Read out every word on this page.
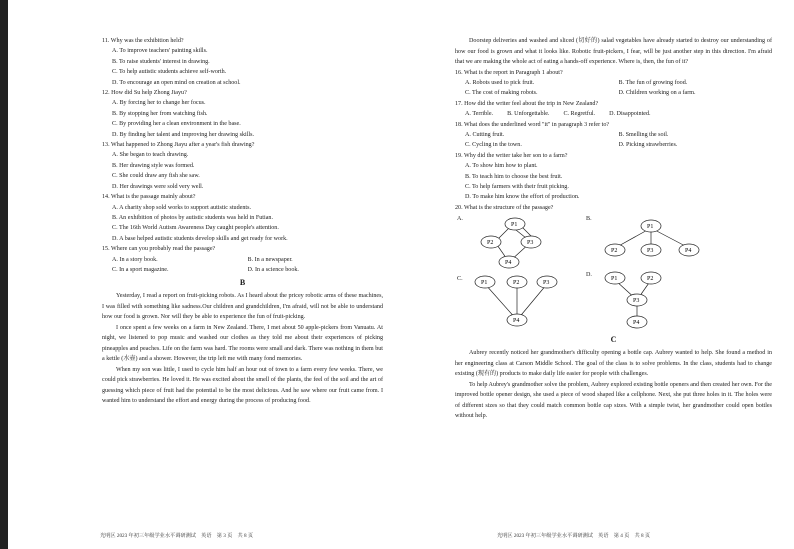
11. Why was the exhibition held?
A. To improve teachers' painting skills.
B. To raise students' interest in drawing.
C. To help autistic students achieve self-worth.
D. To encourage an open mind on creation at school.
12. How did Su help Zhong Jiayu?
A. By forcing her to change her focus.
B. By stopping her from watching fish.
C. By providing her a clean environment in the base.
D. By finding her talent and improving her drawing skills.
13. What happened to Zhong Jiayu after a year's fish drawing?
A. She began to teach drawing.
B. Her drawing style was formed.
C. She could draw any fish she saw.
D. Her drawings were sold very well.
14. What is the passage mainly about?
A. A charity shop sold works to support autistic students.
B. An exhibition of photos by autistic students was held in Futian.
C. The 16th World Autism Awareness Day caught people's attention.
D. A base helped autistic students develop skills and get ready for work.
15. Where can you probably read the passage?
A. In a story book.	B. In a newspaper.
C. In a sport magazine.	D. In a science book.
B

Yesterday, I read a report on fruit-picking robots. As I heard about the pricey robotic arms of these machines, I was filled with something like sadness.Our children and grandchildren, I'm afraid, will not be able to understand how our food is grown. Nor will they be able to experience the fun of fruit-picking.

I once spent a few weeks on a farm in New Zealand. There, I met about 50 apple-pickers from Vanuatu. At night, we listened to pop music and washed our clothes as they told me about their experiences of picking pineapples and peaches. Life on the farm was hard. The rooms were small and dark. There was nothing in them but a kettle (水壶) and a shower. However, the trip left me with many fond memories.

When my son was little, I used to cycle him half an hour out of town to a farm every few weeks. There, we could pick strawberries. He loved it. He was excited about the smell of the plants, the feel of the soil and the art of guessing which piece of fruit had the potential to be the most delicious. And he saw where our fruit came from. I wanted him to understand the effort and energy during the process of producing food.

光明区 2023 年初三年级学业水平调研测试　英语　第 3 页　共 8 页

Doorstep deliveries and washed and sliced (切好的) salad vegetables have already started to destroy our understanding of how our food is grown and what it looks like. Robotic fruit-pickers, I fear, will be just another step in this direction. I'm afraid that we are making the whole act of eating a hands-off experience. Where is, then, the fun of it?

16. What is the report in Paragraph 1 about?
A. Robots used to pick fruit.	B. The fun of growing food.
C. The cost of making robots.	D. Children working on a farm.
17. How did the writer feel about the trip in New Zealand?
A. Terrible. B. Unforgettable. C. Regretful. D. Disappointed.
18. What does the underlined word "it" in paragraph 3 refer to?
A. Cutting fruit.	B. Smelling the soil.
C. Cycling in the town.	D. Picking strawberries.
19. Why did the writer take her son to a farm?
A. To show him how to plant.
B. To teach him to choose the best fruit.
C. To help farmers with their fruit picking.
D. To make him know the effort of production.
20. What is the structure of the passage?
A.
P1
P2	P3
P4
B.
P1
P2	P3	P4
C.
P1	P2	P3
P4
D.
P1	P2
P3
P4
C

Aubrey recently noticed her grandmother's difficulty opening a bottle cap. Aubrey wanted to help. She found a method in her engineering class at Carson Middle School. The goal of the class is to solve problems. In the class, students had to change existing (现有的) products to make daily life easier for people with challenges.

To help Aubrey's grandmother solve the problem, Aubrey explored existing bottle openers and then created her own. For the improved bottle opener design, she used a piece of wood shaped like a cellphone. Next, she put three holes in it. The holes were of different sizes so that they could match common bottle cap sizes. With a simple twist, her grandmother could open bottles without help.

光明区 2023 年初三年级学业水平调研测试　英语　第 4 页　共 8 页
